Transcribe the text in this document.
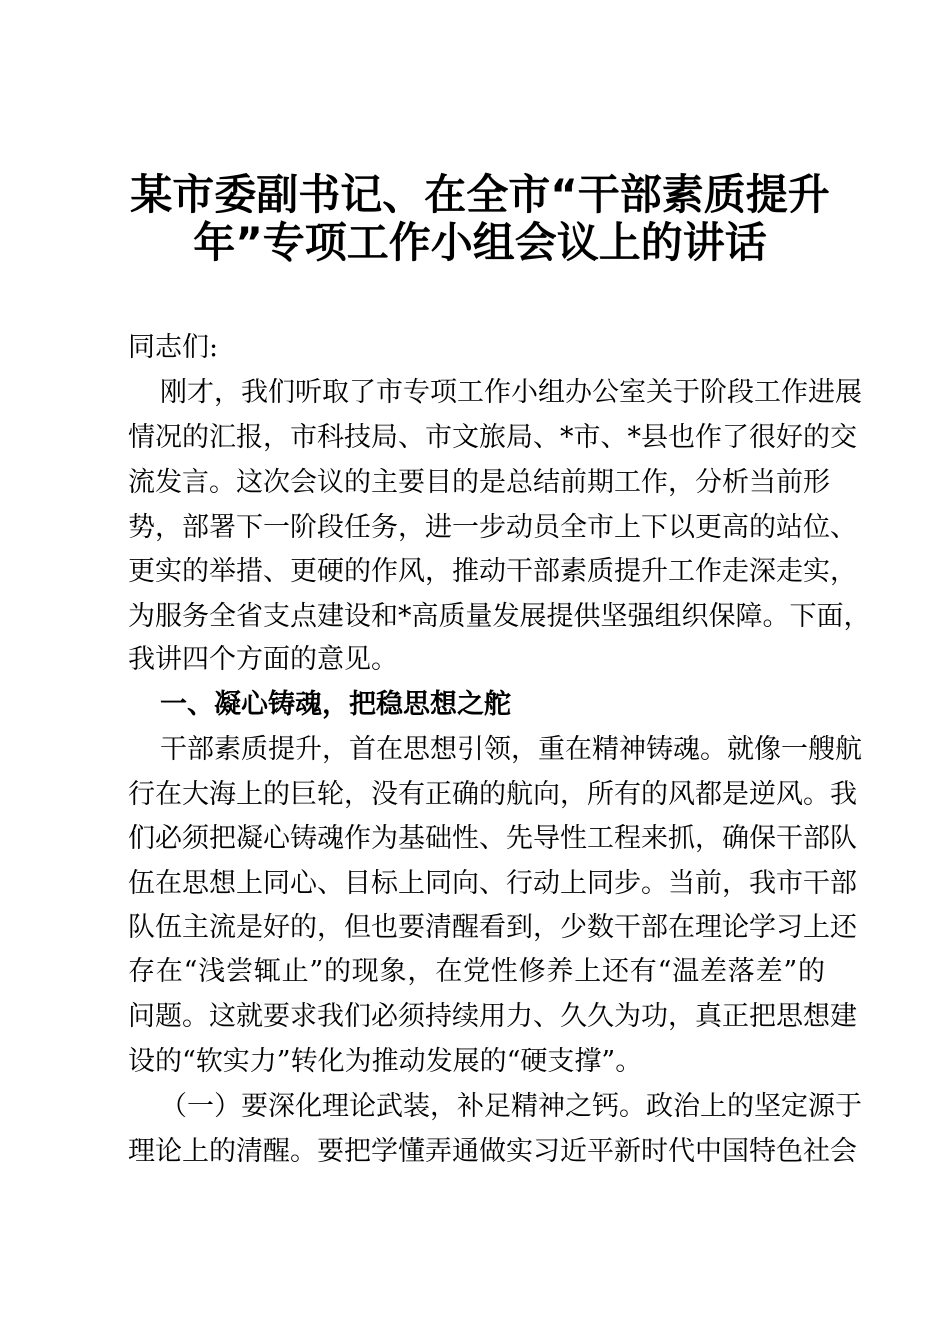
某市委副书记、在全市“干部素质提升
年”专项工作小组会议上的讲话
同志们:
刚才，我们听取了市专项工作小组办公室关于阶段工作进展
情况的汇报，市科技局、市文旅局、*市、*县也作了很好的交
流发言。这次会议的主要目的是总结前期工作，分析当前形
势，部署下一阶段任务，进一步动员全市上下以更高的站位、
更实的举措、更硬的作风，推动干部素质提升工作走深走实，
为服务全省支点建设和*高质量发展提供坚强组织保障。下面，
我讲四个方面的意见。
一、凝心铸魂，把稳思想之舵
干部素质提升，首在思想引领，重在精神铸魂。就像一艘航
行在大海上的巨轮，没有正确的航向，所有的风都是逆风。我
们必须把凝心铸魂作为基础性、先导性工程来抓，确保干部队
伍在思想上同心、目标上同向、行动上同步。当前，我市干部
队伍主流是好的，但也要清醒看到，少数干部在理论学习上还
存在“浅尝辄止”的现象，在党性修养上还有“温差落差”的
问题。这就要求我们必须持续用力、久久为功，真正把思想建
设的“软实力”转化为推动发展的“硬支撑”。
（一）要深化理论武装，补足精神之钙。政治上的坚定源于
理论上的清醒。要把学懂弄通做实习近平新时代中国特色社会
